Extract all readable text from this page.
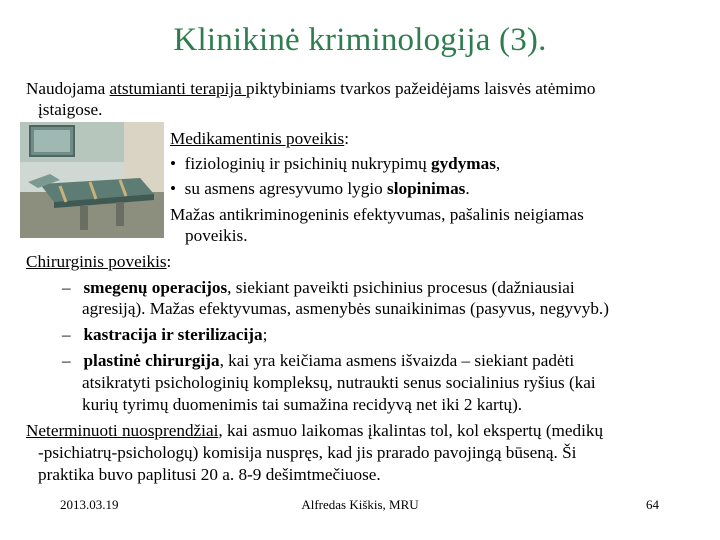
Klinikinė kriminologija (3).
Naudojama atstumianti terapija piktybiniams tvarkos pažeidėjams laisvės atėmimo
įstaigose.
Medikamentinis poveikis:
• fiziologinių ir psichinių nukrypimų gydymas,
• su asmens agresyvumo lygio slopinimas.
Mažas antikriminogeninis efektyvumas, pašalinis neigiamas
poveikis.
Chirurginis poveikis:
– smegenų operacijos, siekiant paveikti psichinius procesus (dažniausiai
agresiją). Mažas efektyvumas, asmenybės sunaikinimas (pasyvus, negyvyb.)
– kastracija ir sterilizacija;
– plastinė chirurgija, kai yra keičiama asmens išvaizda – siekiant padėti
atsikratyti psichologinių kompleksų, nutraukti senus socialinius ryšius (kai
kurių tyrimų duomenimis tai sumažina recidyvą net iki 2 kartų).
Neterminuoti nuosprendžiai, kai asmuo laikomas įkalintas tol, kol ekspertų (medikų
-psichiatrų-psichologų) komisija nuspręs, kad jis prarado pavojingą būseną. Ši
praktika buvo paplitusi 20 a. 8-9 dešimtmečiuose.
2013.03.19	Alfredas Kiškis, MRU	64
